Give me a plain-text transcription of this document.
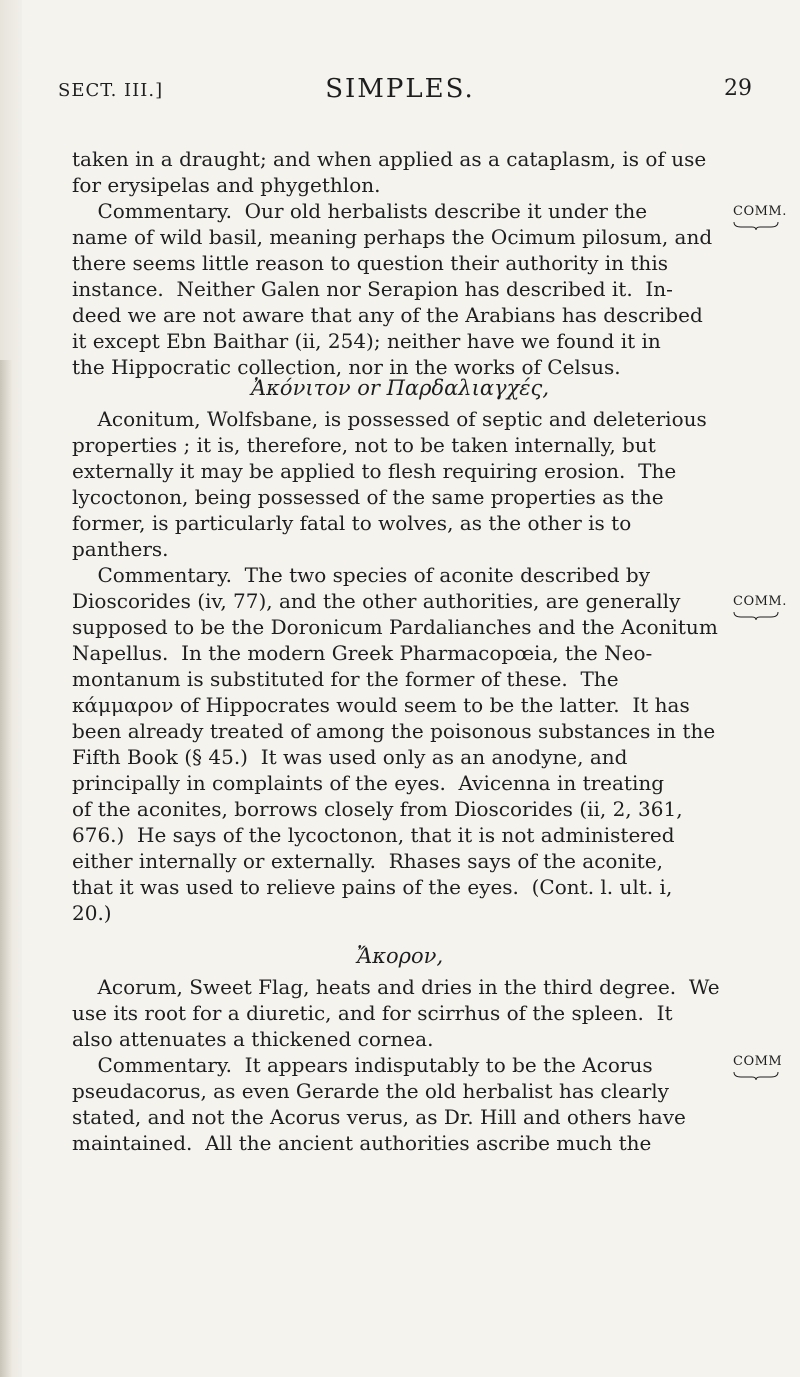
SECT. III.]	SIMPLES.	29
taken in a draught; and when applied as a cataplasm, is of use
for erysipelas and phygethlon.
Commentary.  Our old herbalists describe it under the
name of wild basil, meaning perhaps the Ocimum pilosum, and
there seems little reason to question their authority in this
instance.  Neither Galen nor Serapion has described it.  In-
deed we are not aware that any of the Arabians has described
it except Ebn Baithar (ii, 254); neither have we found it in
the Hippocratic collection, nor in the works of Celsus.
Ἀκόνιτον or Παρδαλιαγχές,
Aconitum, Wolfsbane, is possessed of septic and deleterious
properties ; it is, therefore, not to be taken internally, but
externally it may be applied to flesh requiring erosion.  The
lycoctonon, being possessed of the same properties as the
former, is particularly fatal to wolves, as the other is to
panthers.
Commentary.  The two species of aconite described by
Dioscorides (iv, 77), and the other authorities, are generally
supposed to be the Doronicum Pardalianches and the Aconitum
Napellus.  In the modern Greek Pharmacopœia, the Neo-
montanum is substituted for the former of these.  The
κάμμαρον of Hippocrates would seem to be the latter.  It has
been already treated of among the poisonous substances in the
Fifth Book (§ 45.)  It was used only as an anodyne, and
principally in complaints of the eyes.  Avicenna in treating
of the aconites, borrows closely from Dioscorides (ii, 2, 361,
676.)  He says of the lycoctonon, that it is not administered
either internally or externally.  Rhases says of the aconite,
that it was used to relieve pains of the eyes.  (Cont. l. ult. i,
20.)
Ἄκορον,
Acorum, Sweet Flag, heats and dries in the third degree.  We
use its root for a diuretic, and for scirrhus of the spleen.  It
also attenuates a thickened cornea.
Commentary.  It appears indisputably to be the Acorus
pseudacorus, as even Gerarde the old herbalist has clearly
stated, and not the Acorus verus, as Dr. Hill and others have
maintained.  All the ancient authorities ascribe much the
COMM.
COMM.
COMM
